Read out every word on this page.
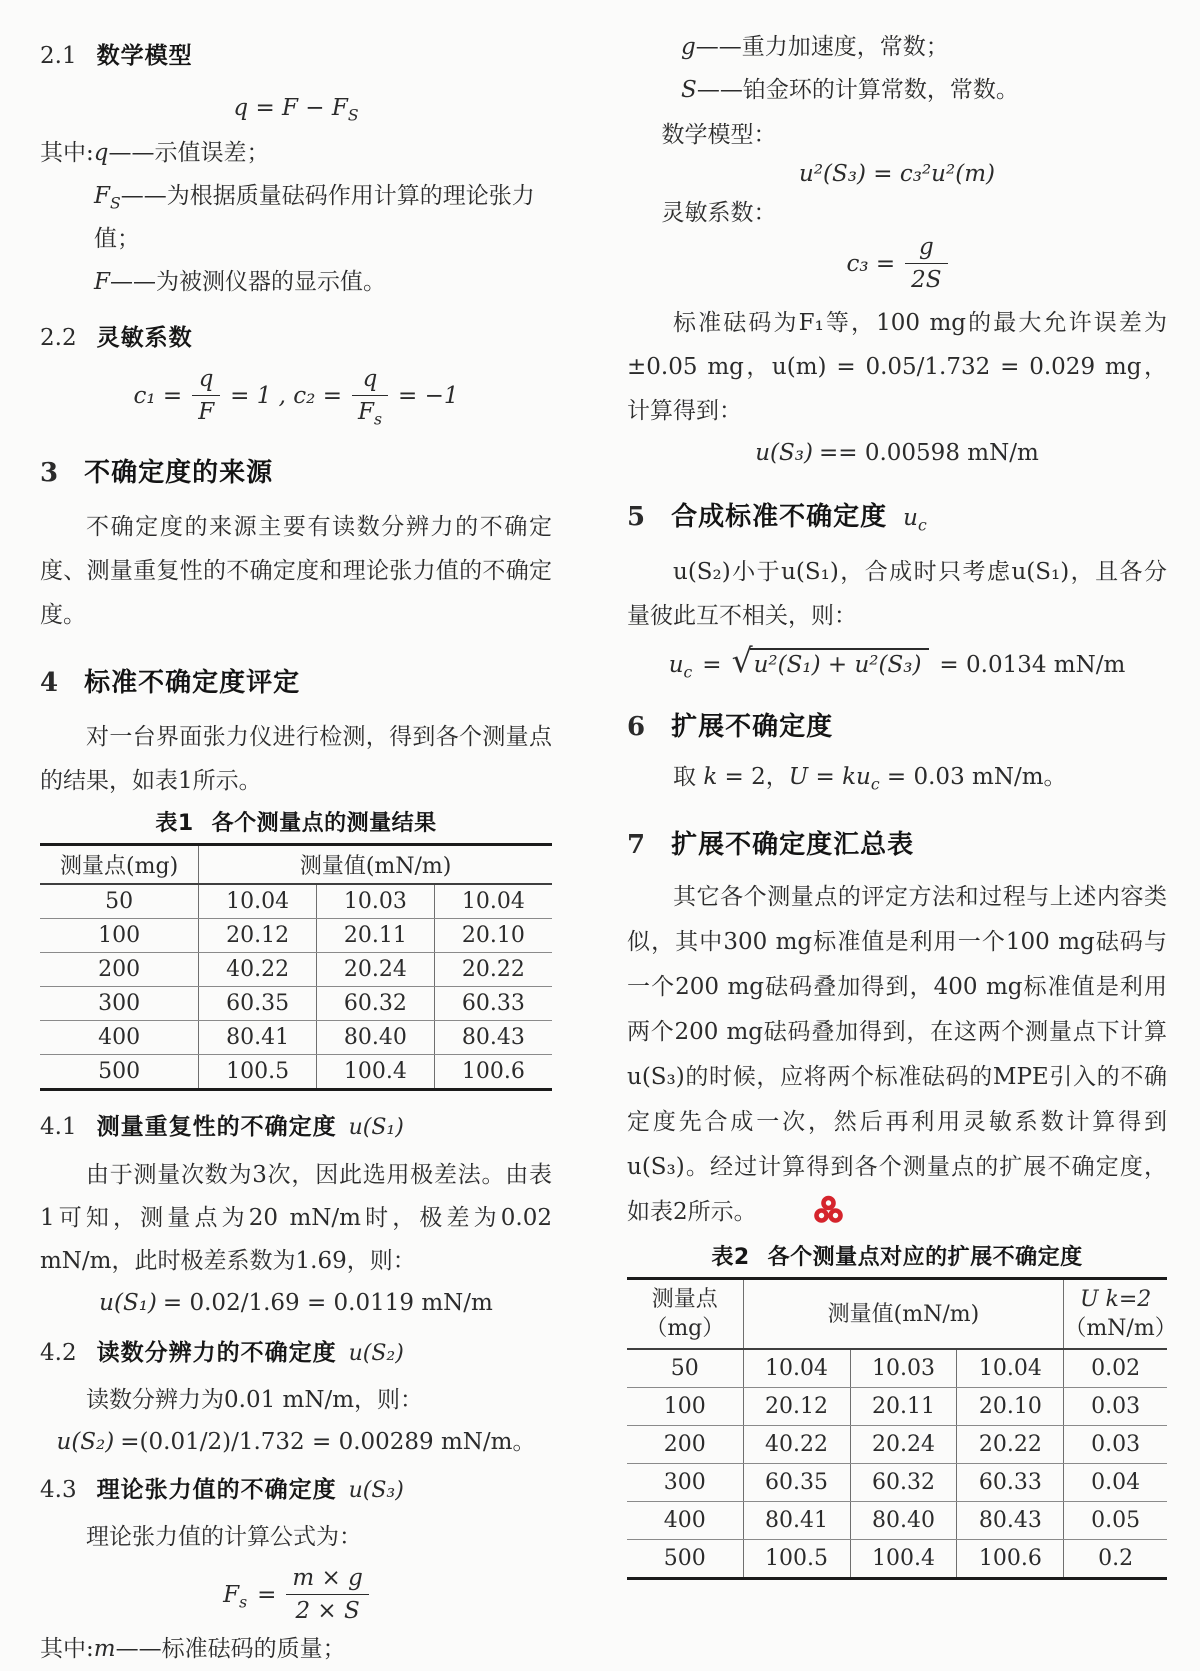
2.1 数学模型

$q = F - F_S$

其中:q——示值误差；

$F_S——$为根据质量砝码作用计算的理论张力值；

F——为被测仪器的显示值。

2.2 灵敏系数
$c_1 = \frac{q}{F} = 1$ , $c_2 = \frac{q}{F_s} = -1$
3 不确定度的来源

不确定度的来源主要有读数分辨力的不确定度、测量重复性的不确定度和理论张力值的不确定度。

4 标准不确定度评定

对一台界面张力仪进行检测，得到各个测量点的结果，如表1所示。

表1 各个测量点的测量结果

测量点(mg)	测量值(mN/m)		
50	10.04	10.03	10.04
100	20.12	20.11	20.10
200	40.22	20.24	20.22
300	60.35	60.32	60.33
400	80.41	80.40	80.43
500	100.5	100.4	100.6
4.1 测量重复性的不确定度 u(S₁)

由于测量次数为3次，因此选用极差法。由表1可知，测量点为20 mN/m时，极差为0.02 mN/m，此时极差系数为1.69，则：

u(S₁) = 0.02/1.69 = 0.0119 mN/m

4.2 读数分辨力的不确定度 u(S₂)

读数分辨力为0.01 mN/m，则：

u(S₂) =(0.01/2)/1.732 = 0.00289 mN/m。

4.3 理论张力值的不确定度 u(S₃)

理论张力值的计算公式为：

$F_s = \frac{m \times g}{2 \times S}$

其中:m——标准砝码的质量；

g——重力加速度，常数；

S——铂金环的计算常数，常数。

数学模型：

u²(S₃) = c₃²u²(m)

灵敏系数：

$c_3 = \frac{g}{2S}$

标准砝码为F₁等，100 mg的最大允许误差为±0.05 mg，u(m) = 0.05/1.732 = 0.029 mg，计算得到：

u(S₃) == 0.00598 mN/m

5 合成标准不确定度 $u_c$

u(S₂)小于u(S₁)，合成时只考虑u(S₁)，且各分量彼此互不相关，则：

$u_c$ = √ u²(S₁) + u²(S₃) = 0.0134 mN/m
6 扩展不确定度

取 k = 2，$U = ku_c = 0.03$ mN/m。

7 扩展不确定度汇总表

其它各个测量点的评定方法和过程与上述内容类似，其中300 mg标准值是利用一个100 mg砝码与一个200 mg砝码叠加得到，400 mg标准值是利用两个200 mg砝码叠加得到，在这两个测量点下计算u(S₃)的时候，应将两个标准砝码的MPE引入的不确定度先合成一次，然后再利用灵敏系数计算得到u(S₃)。经过计算得到各个测量点的扩展不确定度，如表2所示。

表2 各个测量点对应的扩展不确定度

测量点
（mg）	测量值(mN/m)			U k=2
（mN/m）
50	10.04	10.03	10.04	0.02
100	20.12	20.11	20.10	0.03
200	40.22	20.24	20.22	0.03
300	60.35	60.32	60.33	0.04
400	80.41	80.40	80.43	0.05
500	100.5	100.4	100.6	0.2
